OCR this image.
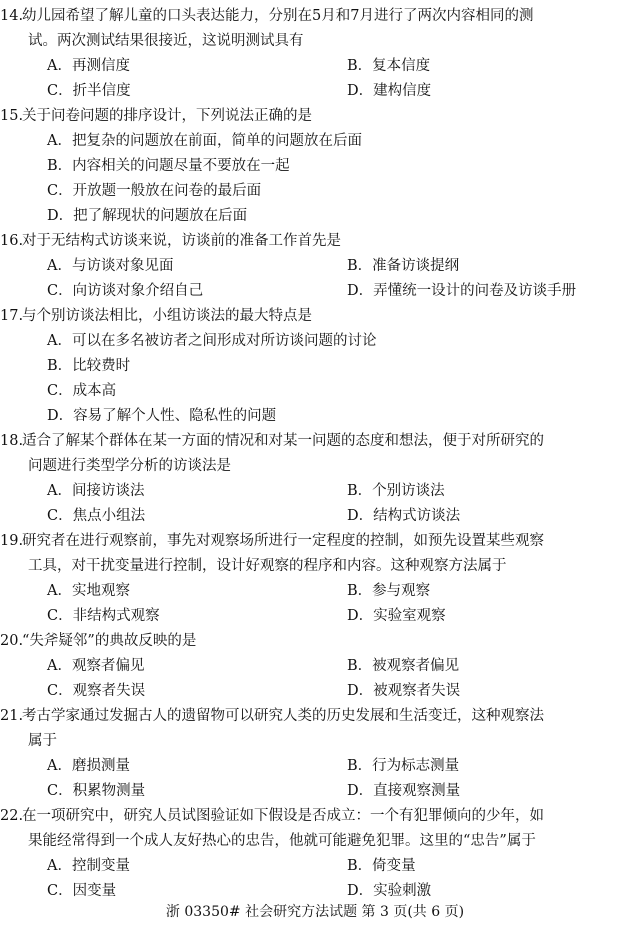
14.幼儿园希望了解儿童的口头表达能力，分别在5月和7月进行了两次内容相同的测
试。两次测试结果很接近，这说明测试具有
A．再测信度	B．复本信度
C．折半信度	D．建构信度
15.关于问卷问题的排序设计，下列说法正确的是
A．把复杂的问题放在前面，简单的问题放在后面
B．内容相关的问题尽量不要放在一起
C．开放题一般放在问卷的最后面
D．把了解现状的问题放在后面
16.对于无结构式访谈来说，访谈前的准备工作首先是
A．与访谈对象见面	B．准备访谈提纲
C．向访谈对象介绍自己	D．弄懂统一设计的问卷及访谈手册
17.与个别访谈法相比，小组访谈法的最大特点是
A．可以在多名被访者之间形成对所访谈问题的讨论
B．比较费时
C．成本高
D．容易了解个人性、隐私性的问题
18.适合了解某个群体在某一方面的情况和对某一问题的态度和想法，便于对所研究的
问题进行类型学分析的访谈法是
A．间接访谈法	B．个别访谈法
C．焦点小组法	D．结构式访谈法
19.研究者在进行观察前，事先对观察场所进行一定程度的控制，如预先设置某些观察
工具，对干扰变量进行控制，设计好观察的程序和内容。这种观察方法属于
A．实地观察	B．参与观察
C．非结构式观察	D．实验室观察
20.“失斧疑邻”的典故反映的是
A．观察者偏见	B．被观察者偏见
C．观察者失误	D．被观察者失误
21.考古学家通过发掘古人的遗留物可以研究人类的历史发展和生活变迁，这种观察法
属于
A．磨损测量	B．行为标志测量
C．积累物测量	D．直接观察测量
22.在一项研究中，研究人员试图验证如下假设是否成立：一个有犯罪倾向的少年，如
果能经常得到一个成人友好热心的忠告，他就可能避免犯罪。这里的“忠告”属于
A．控制变量	B．倚变量
C．因变量	D．实验刺激
浙 03350# 社会研究方法试题 第 3 页(共 6 页)
